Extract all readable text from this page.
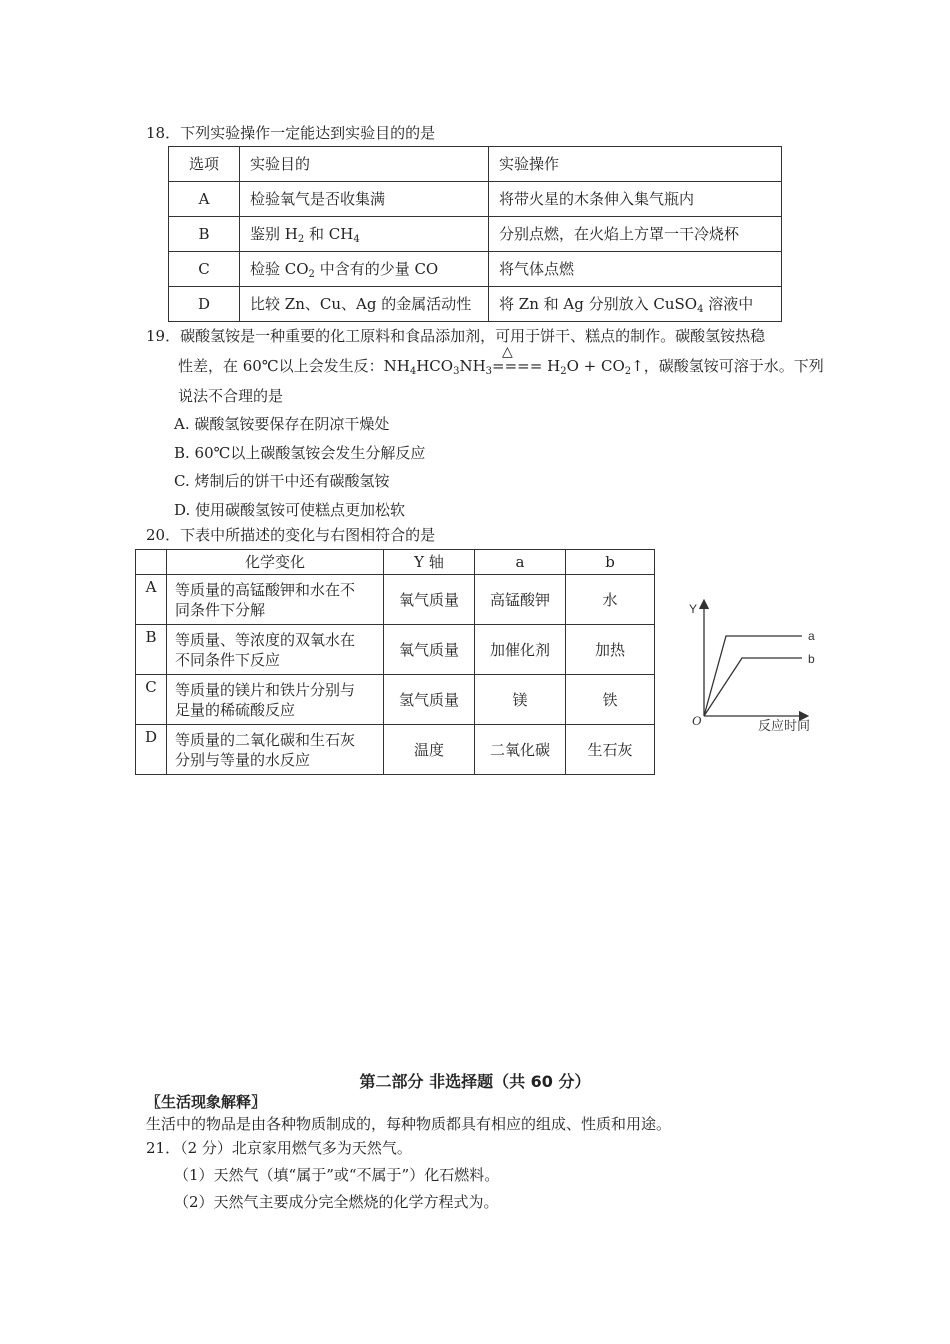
18．下列实验操作一定能达到实验目的的是
选项	实验目的	实验操作
A	检验氧气是否收集满	将带火星的木条伸入集气瓶内
B	鉴别 $H_2$ 和 $CH_4$	分别点燃，在火焰上方罩一干冷烧杯
C	检验 $CO_2$ 中含有的少量 CO	将气体点燃
D	比较 Zn、Cu、Ag 的金属活动性	将 Zn 和 Ag 分别放入 CuSO$_4$ 溶液中
19．碳酸氢铵是一种重要的化工原料和食品添加剂，可用于饼干、糕点的制作。碳酸氢铵热稳
性差，在 60℃以上会发生反：$NH_4HCO_3NH_3$
△
==== $H_2O$ + $CO_2↑$，碳酸氢铵可溶于水。下列
说法不合理的是
A. 碳酸氢铵要保存在阴凉干燥处
B. 60℃以上碳酸氢铵会发生分解反应
C. 烤制后的饼干中还有碳酸氢铵
D. 使用碳酸氢铵可使糕点更加松软
20．下表中所描述的变化与右图相符合的是
	化学变化	Y 轴	a	b
A	等质量的高锰酸钾和水在不
同条件下分解	氧气质量	高锰酸钾	水
B	等质量、等浓度的双氧水在
不同条件下反应	氧气质量	加催化剂	加热
C	等质量的镁片和铁片分别与
足量的稀硫酸反应	氢气质量	镁	铁
D	等质量的二氧化碳和生石灰
分别与等量的水反应	温度	二氧化碳	生石灰
Y
O	反应时间
a
b
第二部分 非选择题（共 60 分）
〖生活现象解释〗
生活中的物品是由各种物质制成的，每种物质都具有相应的组成、性质和用途。
21．（2 分）北京家用燃气多为天然气。
（1）天然气（填“属于”或“不属于”）化石燃料。
（2）天然气主要成分完全燃烧的化学方程式为。
